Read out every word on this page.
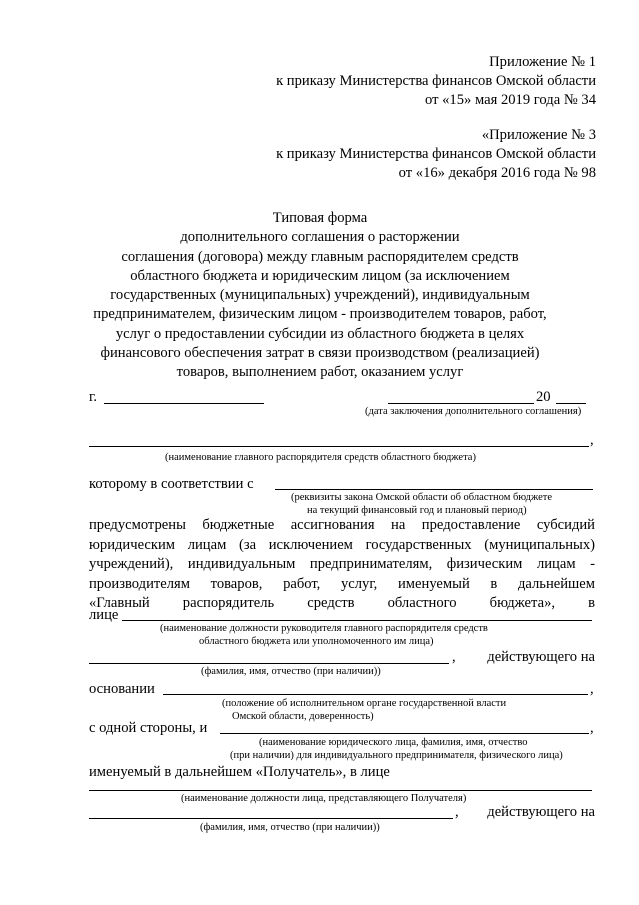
Приложение № 1
к приказу Министерства финансов Омской области
от «15» мая 2019 года № 34
«Приложение № 3
к приказу Министерства финансов Омской области
от «16» декабря 2016 года № 98
Типовая форма
дополнительного соглашения о расторжении
соглашения (договора) между главным распорядителем средств
областного бюджета и юридическим лицом (за исключением
государственных (муниципальных) учреждений), индивидуальным
предпринимателем, физическим лицом - производителем товаров, работ,
услуг о предоставлении субсидии из областного бюджета в целях
финансового обеспечения затрат в связи производством (реализацией)
товаров, выполнением работ, оказанием услуг
г.	20
(дата заключения дополнительного соглашения)
,
(наименование главного распорядителя средств областного бюджета)
которому в соответствии с
(реквизиты закона Омской области об областном бюджете
на текущий финансовый год и плановый период)
предусмотрены бюджетные ассигнования на предоставление субсидий
юридическим лицам (за исключением государственных (муниципальных)
учреждений), индивидуальным предпринимателям, физическим лицам -
производителям товаров, работ, услуг, именуемый в дальнейшем
«Главный распорядитель средств областного бюджета», в
лице
(наименование должности руководителя главного распорядителя средств
областного бюджета или уполномоченного им лица)
, действующего на
(фамилия, имя, отчество (при наличии))
основании	,
(положение об исполнительном органе государственной власти
Омской области, доверенность)
с одной стороны, и	,
(наименование юридического лица, фамилия, имя, отчество
(при наличии) для индивидуального предпринимателя, физического лица)
именуемый в дальнейшем «Получатель», в лице
(наименование должности лица, представляющего Получателя)
, действующего на
(фамилия, имя, отчество (при наличии))
